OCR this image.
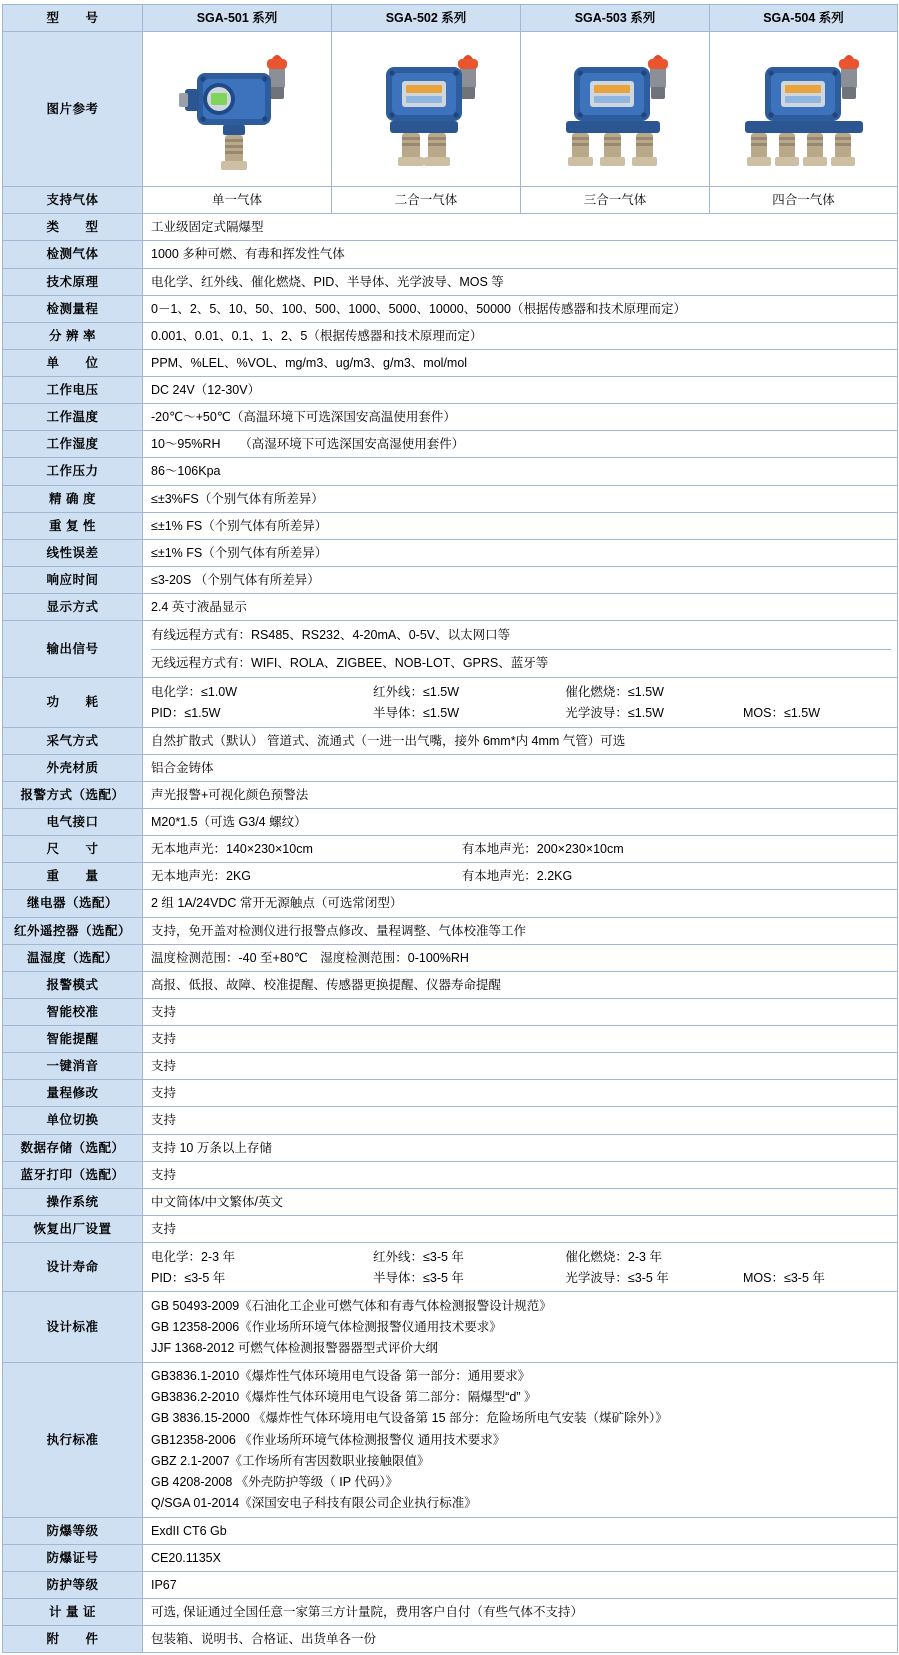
型　　号	SGA-501 系列	SGA-502 系列	SGA-503 系列	SGA-504 系列
图片参考	

支持气体	单一气体	二合一气体	三合一气体	四合一气体
类　　型	工业级固定式隔爆型			
检测气体	1000 多种可燃、有毒和挥发性气体			
技术原理	电化学、红外线、催化燃烧、PID、半导体、光学波导、MOS 等			
检测量程	0－1、2、5、10、50、100、500、1000、5000、10000、50000（根据传感器和技术原理而定）			
分 辨 率	0.001、0.01、0.1、1、2、5（根据传感器和技术原理而定）			
单　　位	PPM、%LEL、%VOL、mg/m3、ug/m3、g/m3、mol/mol			
工作电压	DC 24V（12-30V）			
工作温度	-20℃～+50℃（高温环境下可选深国安高温使用套件）			
工作湿度	10～95%RH　　（高湿环境下可选深国安高湿使用套件）			
工作压力	86～106Kpa			
精 确 度	≤±3%FS（个别气体有所差异）			
重 复 性	≤±1% FS（个别气体有所差异）			
线性误差	≤±1% FS（个别气体有所差异）			
响应时间	≤3-20S （个别气体有所差异）			
显示方式	2.4 英寸液晶显示			
输出信号	有线远程方式有：RS485、RS232、4-20mA、0-5V、以太网口等
无线远程方式有：WIFI、ROLA、ZIGBEE、NOB-LOT、GPRS、蓝牙等			

功　　耗	
电化学：≤1.0W	红外线：≤1.5W	催化燃烧：≤1.5W
PID：≤1.5W	半导体：≤1.5W	光学波导：≤1.5W	MOS：≤1.5W

采气方式	自然扩散式（默认） 管道式、流通式（一进一出气嘴，接外 6mm*内 4mm 气管）可选			
外壳材质	铝合金铸体			
报警方式（选配）	声光报警+可视化颜色预警法			
电气接口	M20*1.5（可选 G3/4 螺纹）			
尺　　寸	无本地声光：140×230×10cm 有本地声光：200×230×10cm			

重　　量	无本地声光：2KG 有本地声光：2.2KG			

继电器（选配）	2 组 1A/24VDC 常开无源触点（可选常闭型）			
红外遥控器（选配）	支持，免开盖对检测仪进行报警点修改、量程调整、气体校准等工作			
温湿度（选配）	温度检测范围：-40 至+80℃　湿度检测范围：0-100%RH			
报警模式	高报、低报、故障、校准提醒、传感器更换提醒、仪器寿命提醒			
智能校准	支持			
智能提醒	支持			
一键消音	支持			
量程修改	支持			
单位切换	支持			
数据存储（选配）	支持 10 万条以上存储			
蓝牙打印（选配）	支持			
操作系统	中文简体/中文繁体/英文			
恢复出厂设置	支持			
设计寿命	
电化学：2-3 年	红外线：≤3-5 年	催化燃烧：2-3 年
PID：≤3-5 年	半导体：≤3-5 年	光学波导：≤3-5 年	MOS：≤3-5 年

设计标准	GB 50493-2009《石油化工企业可燃气体和有毒气体检测报警设计规范》
GB 12358-2006《作业场所环境气体检测报警仪通用技术要求》
JJF 1368-2012 可燃气体检测报警器器型式评价大纲			

执行标准	
GB3836.1-2010《爆炸性气体环境用电气设备 第一部分：通用要求》
GB3836.2-2010《爆炸性气体环境用电气设备 第二部分：隔爆型“d” 》
GB 3836.15-2000 《爆炸性气体环境用电气设备第 15 部分：危险场所电气安装（煤矿除外）》
GB12358-2006 《作业场所环境气体检测报警仪 通用技术要求》
GBZ 2.1-2007《工作场所有害因数职业接触限值》
GB 4208-2008 《外壳防护等级（ IP 代码）》
Q/SGA 01-2014《深国安电子科技有限公司企业执行标准》

防爆等级	ExdII CT6 Gb			
防爆证号	CE20.1135X			
防护等级	IP67			
计 量 证	可选, 保证通过全国任意一家第三方计量院，费用客户自付（有些气体不支持）			
附　　件	包装箱、说明书、合格证、出货单各一份			
